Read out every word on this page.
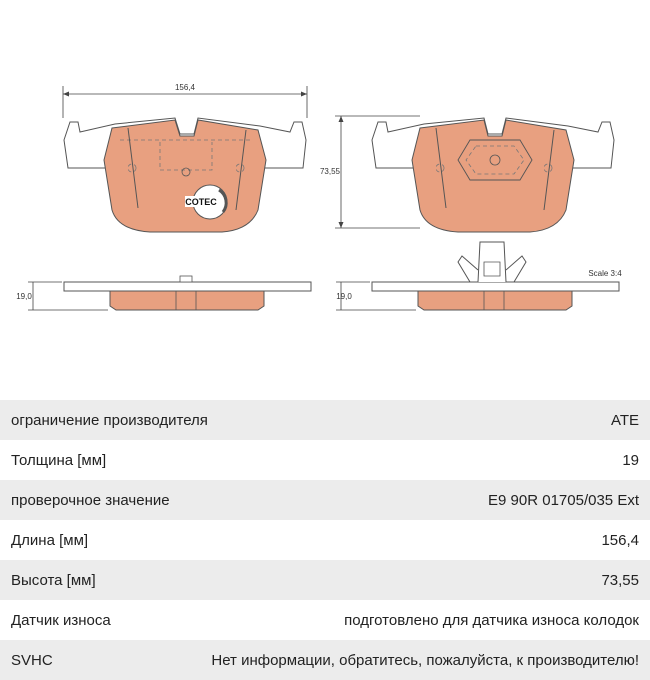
156,4
COTEC
73,55
19,0	19,0
Scale 3:4
ограничение производителя	ATE
Толщина [мм]	19
проверочное значение	E9 90R 01705/035 Ext
Длина [мм]	156,4
Высота [мм]	73,55
Датчик износа	подготовлено для датчика износа колодок
SVHC	Нет информации, обратитесь, пожалуйста, к производителю!
